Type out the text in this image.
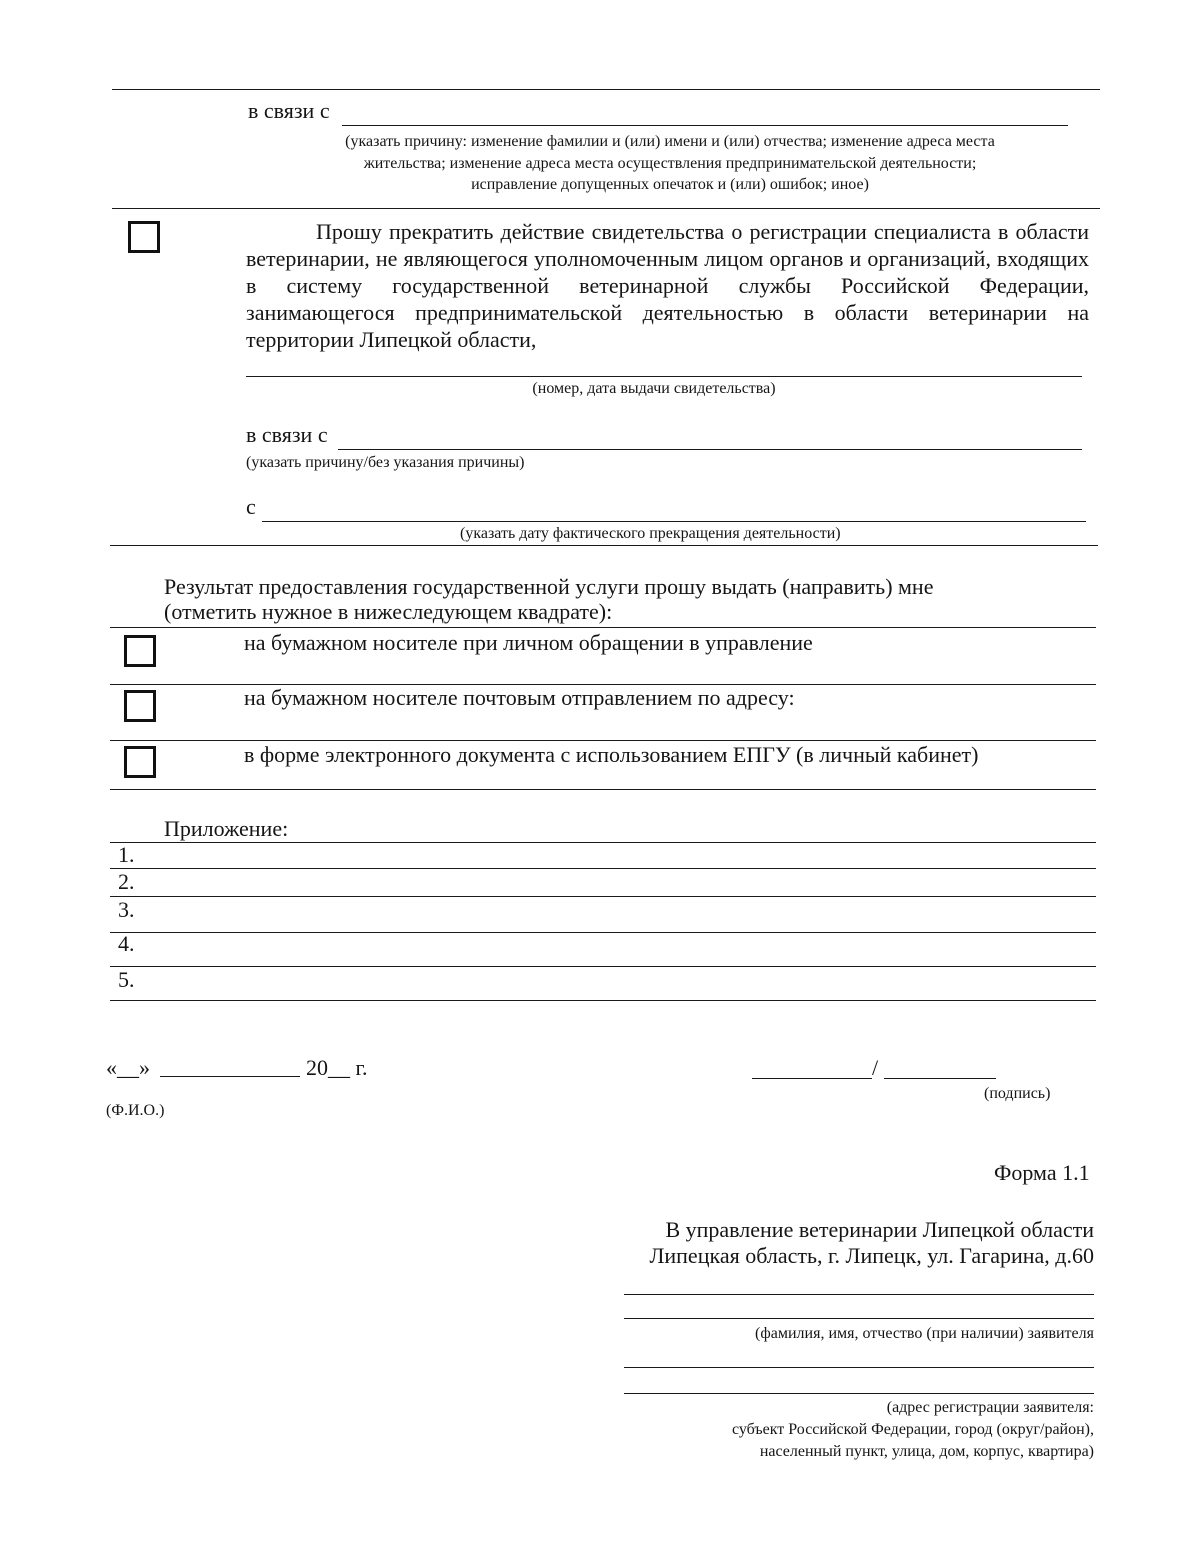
в связи с
(указать причину: изменение фамилии и (или) имени и (или) отчества; изменение адреса места
жительства; изменение адреса места осуществления предпринимательской деятельности;
исправление допущенных опечаток и (или) ошибок; иное)
Прошу прекратить действие свидетельства о регистрации специалиста в области ветеринарии, не являющегося уполномоченным лицом органов и организаций, входящих в систему государственной ветеринарной службы Российской Федерации, занимающегося предпринимательской деятельностью в области ветеринарии на территории Липецкой области,
(номер, дата выдачи свидетельства)
в связи с
(указать причину/без указания причины)
с
(указать дату фактического прекращения деятельности)
Результат предоставления государственной услуги прошу выдать (направить) мне
(отметить нужное в нижеследующем квадрате):
на бумажном носителе при личном обращении в управление
на бумажном носителе почтовым отправлением по адресу:
в форме электронного документа с использованием ЕПГУ (в личный кабинет)
Приложение:
1.
2.
3.
4.
5.
«__»	20__ г.	/
(подпись)
(Ф.И.О.)
Форма 1.1
В управление ветеринарии Липецкой области
Липецкая область, г. Липецк, ул. Гагарина, д.60
(фамилия, имя, отчество (при наличии) заявителя
(адрес регистрации заявителя:
субъект Российской Федерации, город (округ/район),
населенный пункт, улица, дом, корпус, квартира)
